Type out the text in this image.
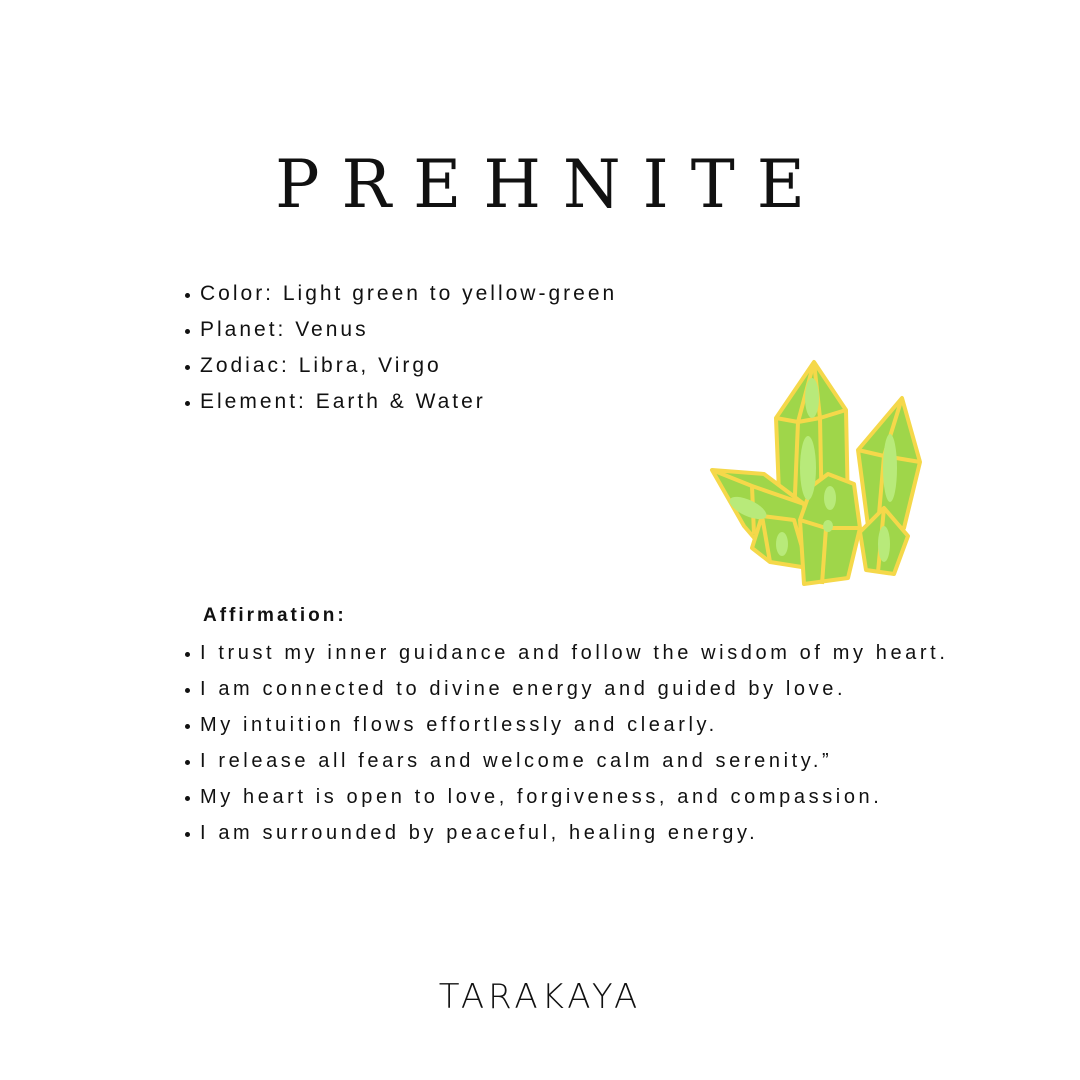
PREHNITE
Color: Light green to yellow-green
Planet: Venus
Zodiac: Libra, Virgo
Element: Earth & Water
Affirmation:
I trust my inner guidance and follow the wisdom of my heart.
I am connected to divine energy and guided by love.
My intuition flows effortlessly and clearly.
I release all fears and welcome calm and serenity.”
My heart is open to love, forgiveness, and compassion.
I am surrounded by peaceful, healing energy.
TARAKAYA
